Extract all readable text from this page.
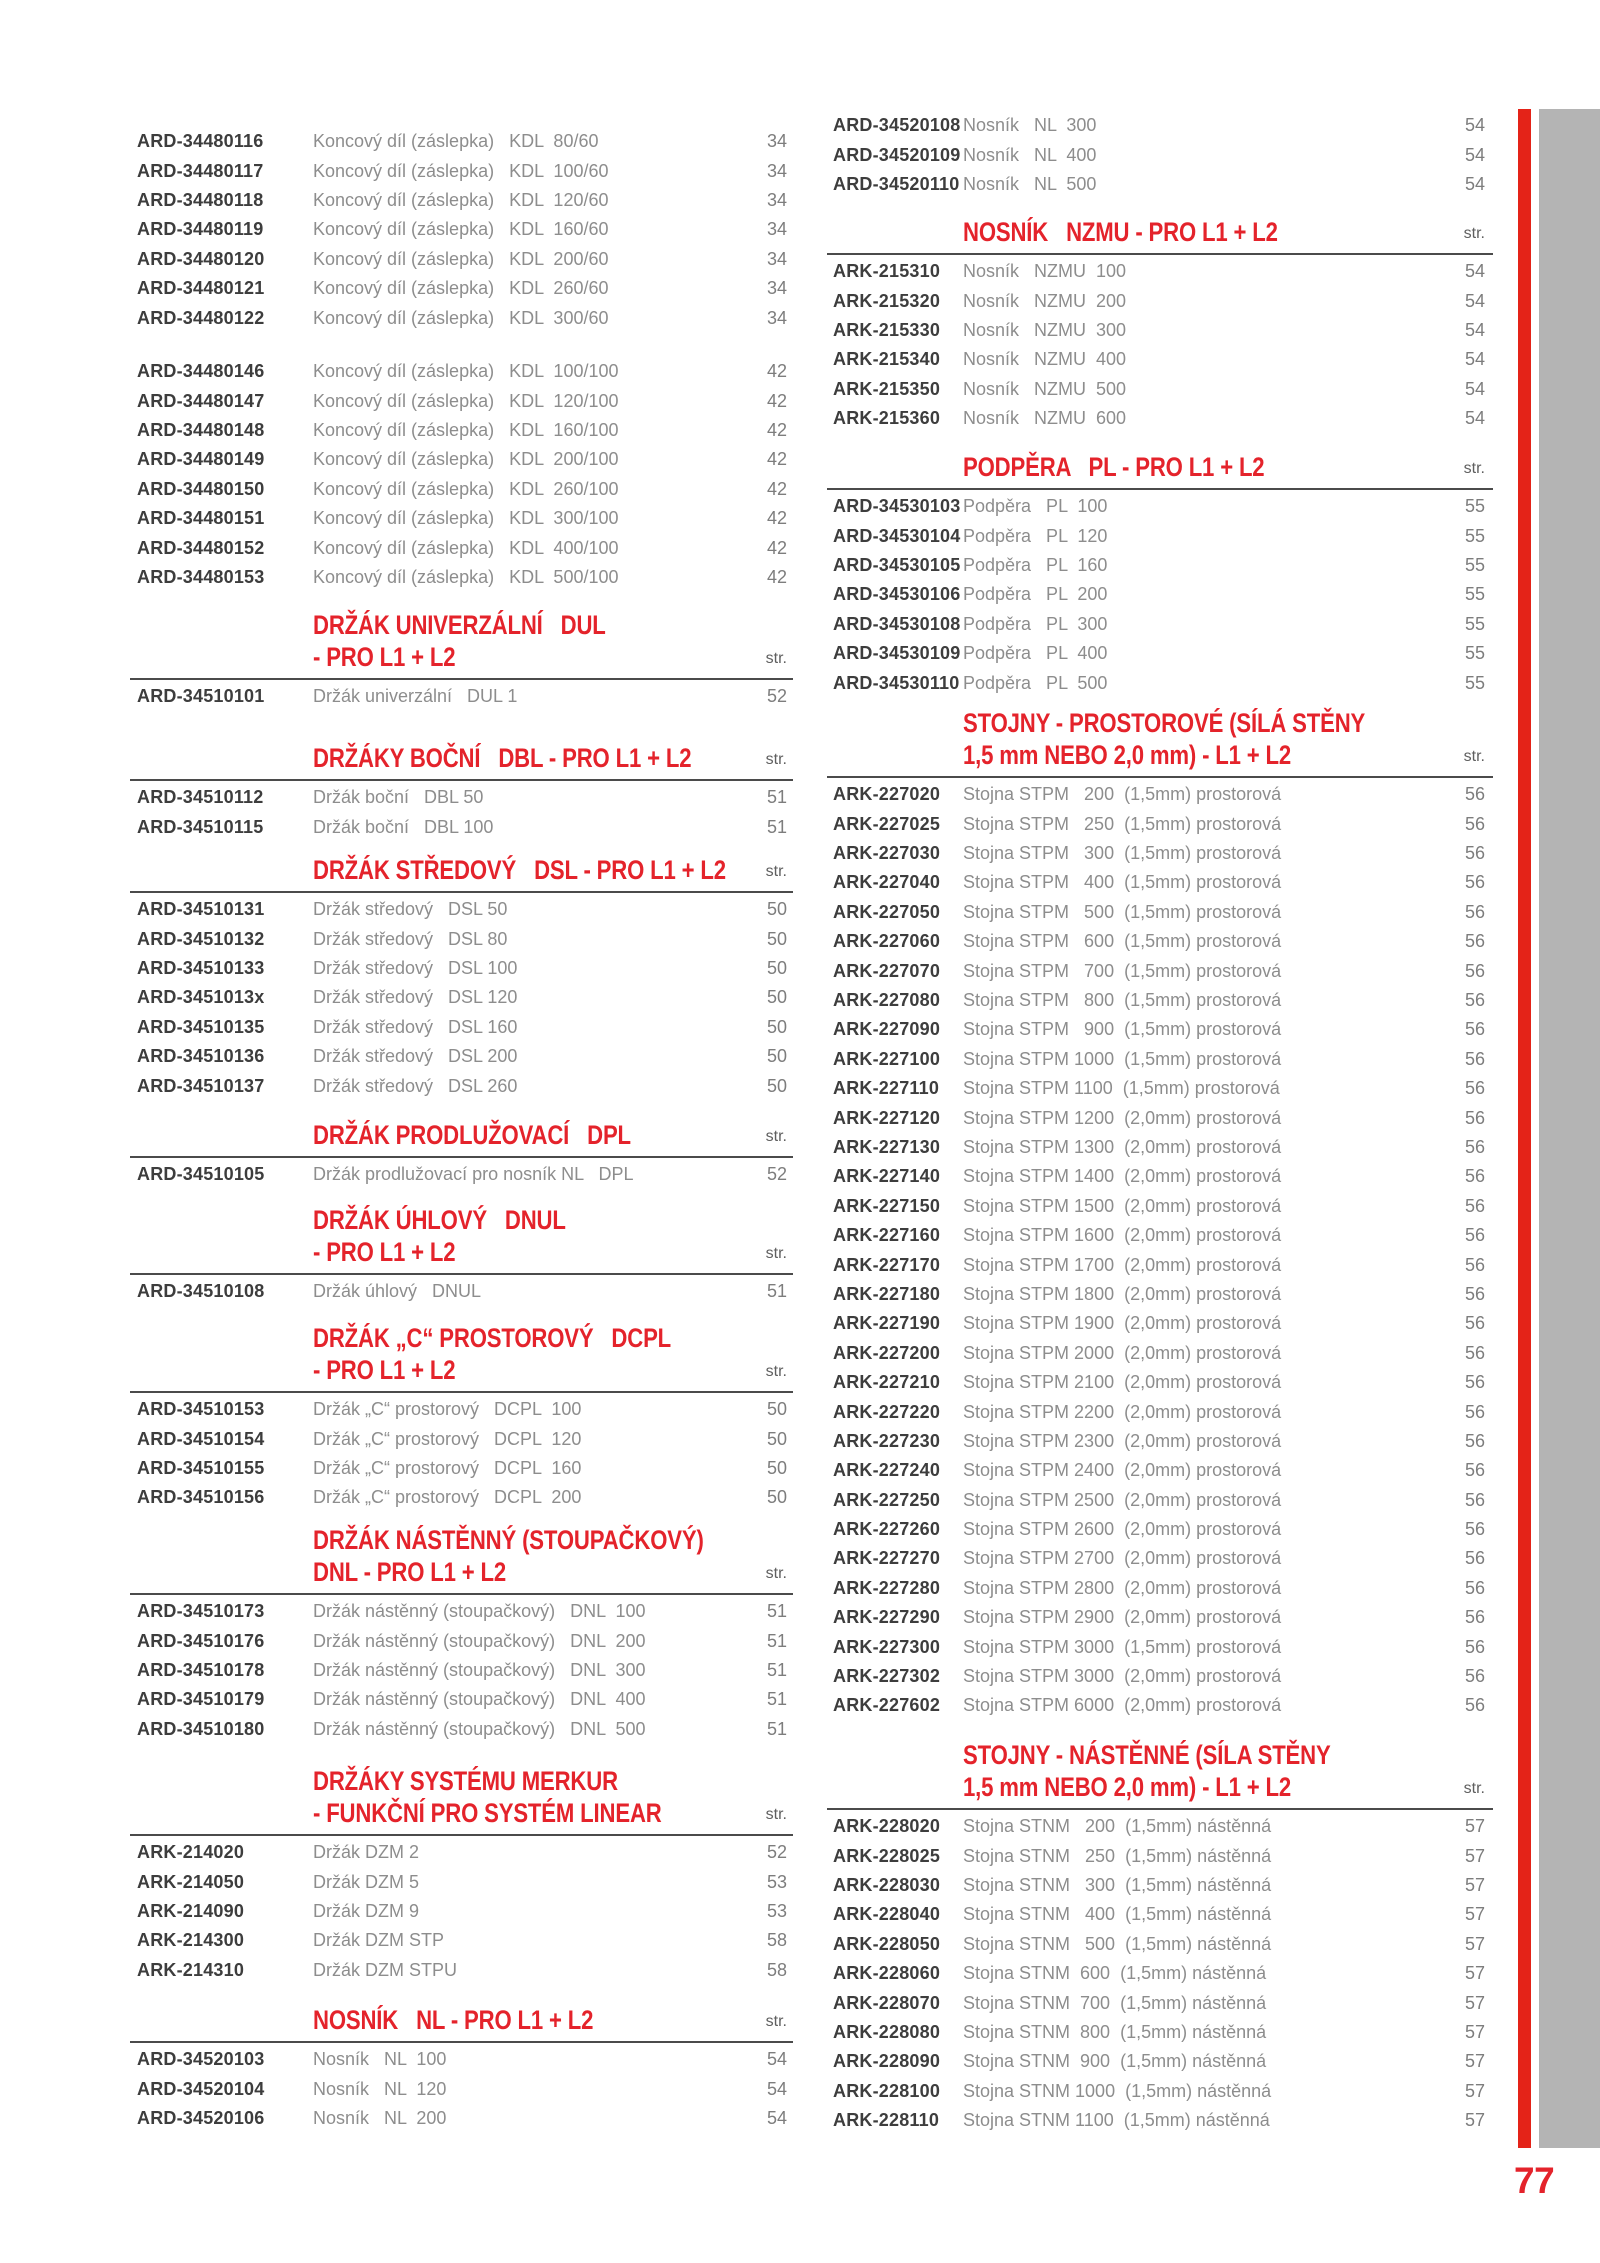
ARD-34480116	Koncový díl (záslepka)   KDL  80/60	34
ARD-34480117	Koncový díl (záslepka)   KDL  100/60	34
ARD-34480118	Koncový díl (záslepka)   KDL  120/60	34
ARD-34480119	Koncový díl (záslepka)   KDL  160/60	34
ARD-34480120	Koncový díl (záslepka)   KDL  200/60	34
ARD-34480121	Koncový díl (záslepka)   KDL  260/60	34
ARD-34480122	Koncový díl (záslepka)   KDL  300/60	34
ARD-34480146	Koncový díl (záslepka)   KDL  100/100	42
ARD-34480147	Koncový díl (záslepka)   KDL  120/100	42
ARD-34480148	Koncový díl (záslepka)   KDL  160/100	42
ARD-34480149	Koncový díl (záslepka)   KDL  200/100	42
ARD-34480150	Koncový díl (záslepka)   KDL  260/100	42
ARD-34480151	Koncový díl (záslepka)   KDL  300/100	42
ARD-34480152	Koncový díl (záslepka)   KDL  400/100	42
ARD-34480153	Koncový díl (záslepka)   KDL  500/100	42
DRŽÁK UNIVERZÁLNÍ   DUL
- PRO L1 + L2	str.
ARD-34510101	Držák univerzální   DUL 1	52
DRŽÁKY BOČNÍ   DBL - PRO L1 + L2	str.
ARD-34510112	Držák boční   DBL 50	51
ARD-34510115	Držák boční   DBL 100	51
DRŽÁK STŘEDOVÝ   DSL - PRO L1 + L2	str.
ARD-34510131	Držák středový   DSL 50	50
ARD-34510132	Držák středový   DSL 80	50
ARD-34510133	Držák středový   DSL 100	50
ARD-3451013x	Držák středový   DSL 120	50
ARD-34510135	Držák středový   DSL 160	50
ARD-34510136	Držák středový   DSL 200	50
ARD-34510137	Držák středový   DSL 260	50
DRŽÁK PRODLUŽOVACÍ   DPL	str.
ARD-34510105	Držák prodlužovací pro nosník NL   DPL	52
DRŽÁK ÚHLOVÝ   DNUL
- PRO L1 + L2	str.
ARD-34510108	Držák úhlový   DNUL	51
DRŽÁK „C“ PROSTOROVÝ   DCPL
- PRO L1 + L2	str.
ARD-34510153	Držák „C“ prostorový   DCPL  100	50
ARD-34510154	Držák „C“ prostorový   DCPL  120	50
ARD-34510155	Držák „C“ prostorový   DCPL  160	50
ARD-34510156	Držák „C“ prostorový   DCPL  200	50
DRŽÁK NÁSTĚNNÝ (STOUPAČKOVÝ)
DNL - PRO L1 + L2	str.
ARD-34510173	Držák nástěnný (stoupačkový)   DNL  100	51
ARD-34510176	Držák nástěnný (stoupačkový)   DNL  200	51
ARD-34510178	Držák nástěnný (stoupačkový)   DNL  300	51
ARD-34510179	Držák nástěnný (stoupačkový)   DNL  400	51
ARD-34510180	Držák nástěnný (stoupačkový)   DNL  500	51
DRŽÁKY SYSTÉMU MERKUR
- FUNKČNÍ PRO SYSTÉM LINEAR	str.
ARK-214020	Držák DZM 2	52
ARK-214050	Držák DZM 5	53
ARK-214090	Držák DZM 9	53
ARK-214300	Držák DZM STP	58
ARK-214310	Držák DZM STPU	58
NOSNÍK   NL - PRO L1 + L2	str.
ARD-34520103	Nosník   NL  100	54
ARD-34520104	Nosník   NL  120	54
ARD-34520106	Nosník   NL  200	54
ARD-34520108 Nosník   NL  300	54
ARD-34520109 Nosník   NL  400	54
ARD-34520110 Nosník   NL  500	54
NOSNÍK   NZMU - PRO L1 + L2	str.
ARK-215310 Nosník   NZMU  100	54
ARK-215320 Nosník   NZMU  200	54
ARK-215330 Nosník   NZMU  300	54
ARK-215340 Nosník   NZMU  400	54
ARK-215350 Nosník   NZMU  500	54
ARK-215360 Nosník   NZMU  600	54
PODPĚRA   PL - PRO L1 + L2	str.
ARD-34530103 Podpěra   PL  100	55
ARD-34530104 Podpěra   PL  120	55
ARD-34530105 Podpěra   PL  160	55
ARD-34530106 Podpěra   PL  200	55
ARD-34530108 Podpěra   PL  300	55
ARD-34530109 Podpěra   PL  400	55
ARD-34530110 Podpěra   PL  500	55
STOJNY - PROSTOROVÉ (SÍLÁ STĚNY
1,5 mm NEBO 2,0 mm) - L1 + L2	str.
ARK-227020 Stojna STPM   200  (1,5mm) prostorová	56
ARK-227025 Stojna STPM   250  (1,5mm) prostorová	56
ARK-227030 Stojna STPM   300  (1,5mm) prostorová	56
ARK-227040 Stojna STPM   400  (1,5mm) prostorová	56
ARK-227050 Stojna STPM   500  (1,5mm) prostorová	56
ARK-227060 Stojna STPM   600  (1,5mm) prostorová	56
ARK-227070 Stojna STPM   700  (1,5mm) prostorová	56
ARK-227080 Stojna STPM   800  (1,5mm) prostorová	56
ARK-227090 Stojna STPM   900  (1,5mm) prostorová	56
ARK-227100 Stojna STPM 1000  (1,5mm) prostorová	56
ARK-227110 Stojna STPM 1100  (1,5mm) prostorová	56
ARK-227120 Stojna STPM 1200  (2,0mm) prostorová	56
ARK-227130 Stojna STPM 1300  (2,0mm) prostorová	56
ARK-227140 Stojna STPM 1400  (2,0mm) prostorová	56
ARK-227150 Stojna STPM 1500  (2,0mm) prostorová	56
ARK-227160 Stojna STPM 1600  (2,0mm) prostorová	56
ARK-227170 Stojna STPM 1700  (2,0mm) prostorová	56
ARK-227180 Stojna STPM 1800  (2,0mm) prostorová	56
ARK-227190 Stojna STPM 1900  (2,0mm) prostorová	56
ARK-227200 Stojna STPM 2000  (2,0mm) prostorová	56
ARK-227210 Stojna STPM 2100  (2,0mm) prostorová	56
ARK-227220 Stojna STPM 2200  (2,0mm) prostorová	56
ARK-227230 Stojna STPM 2300  (2,0mm) prostorová	56
ARK-227240 Stojna STPM 2400  (2,0mm) prostorová	56
ARK-227250 Stojna STPM 2500  (2,0mm) prostorová	56
ARK-227260 Stojna STPM 2600  (2,0mm) prostorová	56
ARK-227270 Stojna STPM 2700  (2,0mm) prostorová	56
ARK-227280 Stojna STPM 2800  (2,0mm) prostorová	56
ARK-227290 Stojna STPM 2900  (2,0mm) prostorová	56
ARK-227300 Stojna STPM 3000  (1,5mm) prostorová	56
ARK-227302 Stojna STPM 3000  (2,0mm) prostorová	56
ARK-227602 Stojna STPM 6000  (2,0mm) prostorová	56
STOJNY - NÁSTĚNNÉ (SÍLA STĚNY
1,5 mm NEBO 2,0 mm) - L1 + L2	str.
ARK-228020 Stojna STNM   200  (1,5mm) nástěnná	57
ARK-228025 Stojna STNM   250  (1,5mm) nástěnná	57
ARK-228030 Stojna STNM   300  (1,5mm) nástěnná	57
ARK-228040 Stojna STNM   400  (1,5mm) nástěnná	57
ARK-228050 Stojna STNM   500  (1,5mm) nástěnná	57
ARK-228060 Stojna STNM  600  (1,5mm) nástěnná	57
ARK-228070 Stojna STNM  700  (1,5mm) nástěnná	57
ARK-228080 Stojna STNM  800  (1,5mm) nástěnná	57
ARK-228090 Stojna STNM  900  (1,5mm) nástěnná	57
ARK-228100 Stojna STNM 1000  (1,5mm) nástěnná	57
ARK-228110 Stojna STNM 1100  (1,5mm) nástěnná	57
77
